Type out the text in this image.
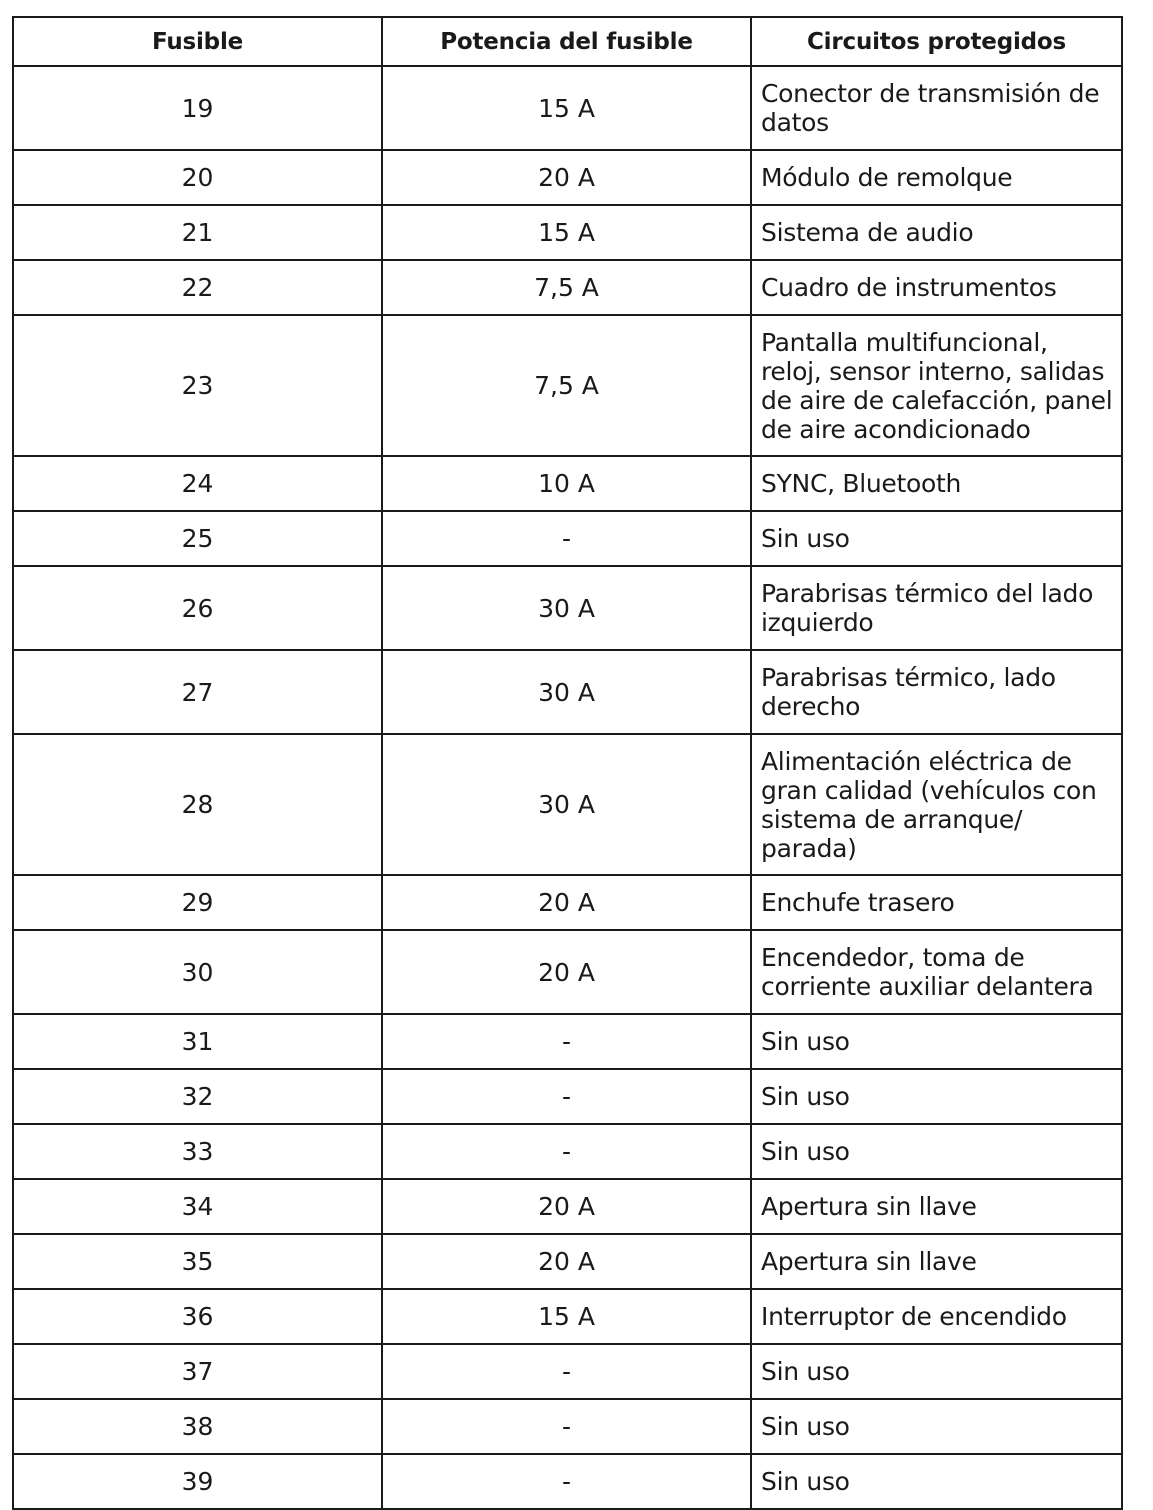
Fusible	Potencia del fusible	Circuitos protegidos
19	15 A	Conector de transmisión de datos
20	20 A	Módulo de remolque
21	15 A	Sistema de audio
22	7,5 A	Cuadro de instrumentos
23	7,5 A	Pantalla multifuncional, reloj, sensor interno, salidas de aire de calefacción, panel de aire acondicionado
24	10 A	SYNC, Bluetooth
25	-	Sin uso
26	30 A	Parabrisas térmico del lado izquierdo
27	30 A	Parabrisas térmico, lado derecho
28	30 A	Alimentación eléctrica de gran calidad (vehículos con sistema de arranque/ parada)
29	20 A	Enchufe trasero
30	20 A	Encendedor, toma de corriente auxiliar delantera
31	-	Sin uso
32	-	Sin uso
33	-	Sin uso
34	20 A	Apertura sin llave
35	20 A	Apertura sin llave
36	15 A	Interruptor de encendido
37	-	Sin uso
38	-	Sin uso
39	-	Sin uso
